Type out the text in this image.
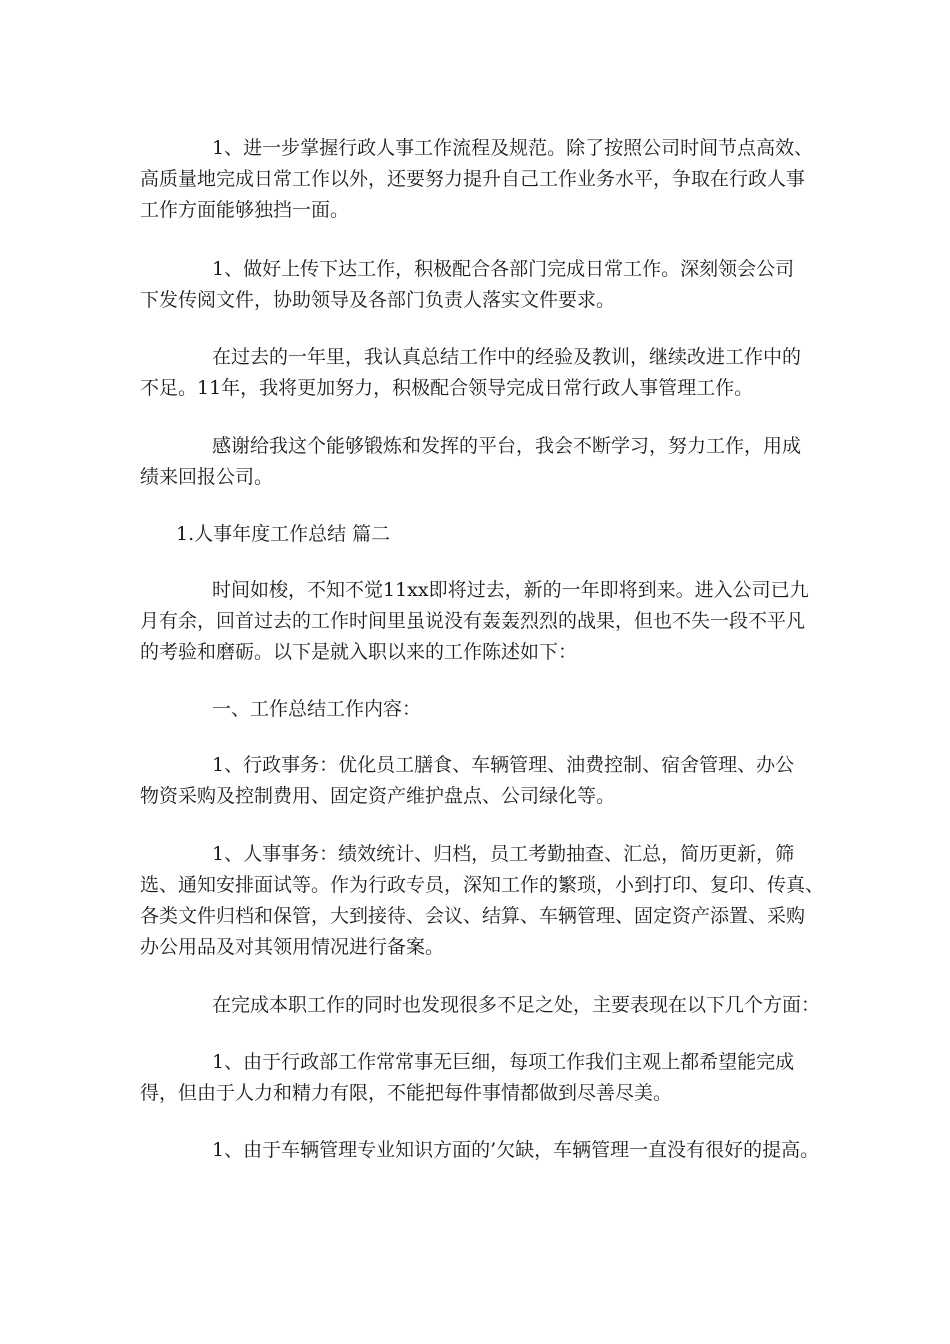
1、进一步掌握行政人事工作流程及规范。除了按照公司时间节点高效、
高质量地完成日常工作以外，还要努力提升自己工作业务水平，争取在行政人事
工作方面能够独挡一面。

1、做好上传下达工作，积极配合各部门完成日常工作。深刻领会公司
下发传阅文件，协助领导及各部门负责人落实文件要求。

在过去的一年里，我认真总结工作中的经验及教训，继续改进工作中的
不足。11年，我将更加努力，积极配合领导完成日常行政人事管理工作。

感谢给我这个能够锻炼和发挥的平台，我会不断学习，努力工作，用成
绩来回报公司。

1.人事年度工作总结 篇二

时间如梭，不知不觉11xx即将过去，新的一年即将到来。进入公司已九
月有余，回首过去的工作时间里虽说没有轰轰烈烈的战果，但也不失一段不平凡
的考验和磨砺。以下是就入职以来的工作陈述如下：

一、工作总结工作内容：

1、行政事务：优化员工膳食、车辆管理、油费控制、宿舍管理、办公
物资采购及控制费用、固定资产维护盘点、公司绿化等。

1、人事事务：绩效统计、归档，员工考勤抽查、汇总，简历更新，筛
选、通知安排面试等。作为行政专员，深知工作的繁琐，小到打印、复印、传真、
各类文件归档和保管，大到接待、会议、结算、车辆管理、固定资产添置、采购
办公用品及对其领用情况进行备案。

在完成本职工作的同时也发现很多不足之处，主要表现在以下几个方面：

1、由于行政部工作常常事无巨细，每项工作我们主观上都希望能完成
得，但由于人力和精力有限，不能把每件事情都做到尽善尽美。

1、由于车辆管理专业知识方面的’欠缺，车辆管理一直没有很好的提高。
